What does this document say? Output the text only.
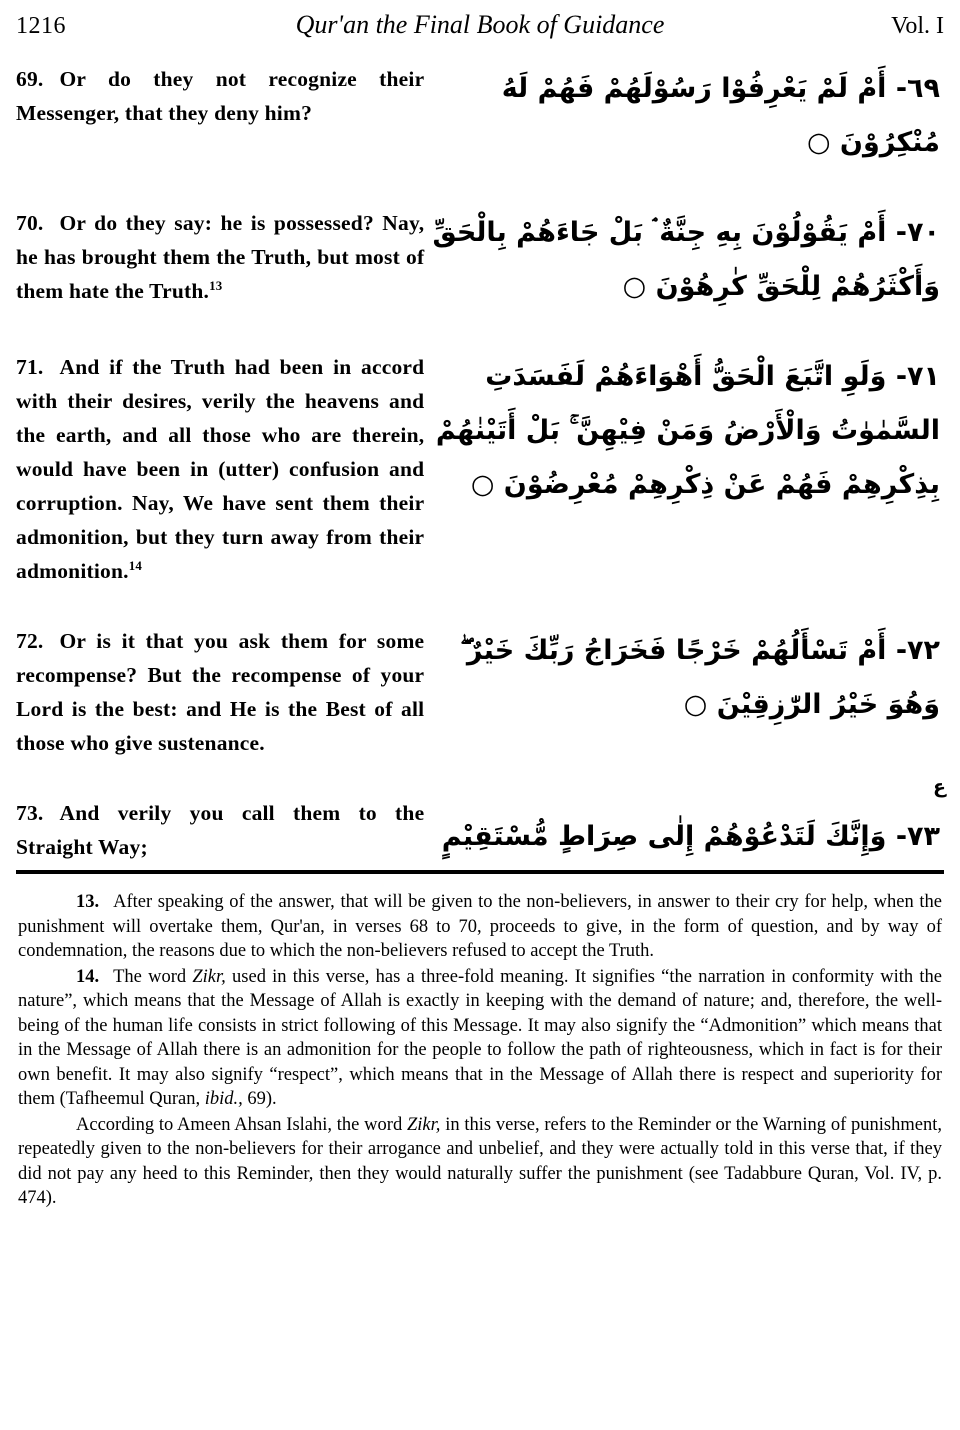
1216	Qur'an the Final Book of Guidance	Vol. I
69. Or do they not recognize their Messenger, that they deny him?
٦٩- أَمْ لَمْ يَعْرِفُوْا رَسُوْلَهُمْ فَهُمْ لَهُ مُنْكِرُوْنَ ○
70. Or do they say: he is possessed? Nay, he has brought them the Truth, but most of them hate the Truth.$^{13}$
٧٠- أَمْ يَقُوْلُوْنَ بِهِ جِنَّةٌ ۘ بَلْ جَاءَهُمْ بِالْحَقِّ وَأَكْثَرُهُمْ لِلْحَقِّ كٰرِهُوْنَ ○
71. And if the Truth had been in accord with their desires, verily the heavens and the earth, and all those who are therein, would have been in (utter) confusion and corruption. Nay, We have sent them their admonition, but they turn away from their admonition.$^{14}$
٧١- وَلَوِ اتَّبَعَ الْحَقُّ أَهْوَاءَهُمْ لَفَسَدَتِ السَّمٰوٰتُ وَالْأَرْضُ وَمَنْ فِيْهِنَّ ۚ بَلْ أَتَيْنٰهُمْ بِذِكْرِهِمْ فَهُمْ عَنْ ذِكْرِهِمْ مُعْرِضُوْنَ ○
72. Or is it that you ask them for some recompense? But the recompense of your Lord is the best: and He is the Best of all those who give sustenance.
٧٢- أَمْ تَسْأَلُهُمْ خَرْجًا فَخَرَاجُ رَبِّكَ خَيْرٌ ۖ وَهُوَ خَيْرُ الرّٰزِقِيْنَ ○
73. And verily you call them to the Straight Way;	٧٣- وَإِنَّكَ لَتَدْعُوْهُمْ إِلٰى صِرَاطٍ مُّسْتَقِيْمٍ
ع

13. After speaking of the answer, that will be given to the non-believers, in answer to their cry for help, when the punishment will overtake them, Qur'an, in verses 68 to 70, proceeds to give, in the form of question, and by way of condemnation, the reasons due to which the non-believers refused to accept the Truth.

14. The word Zikr, used in this verse, has a three-fold meaning. It signifies “the narration in conformity with the nature”, which means that the Message of Allah is exactly in keeping with the demand of nature; and, therefore, the well-being of the human life consists in strict following of this Message. It may also signify the “Admonition” which means that in the Message of Allah there is an admonition for the people to follow the path of righteousness, which in fact is for their own benefit. It may also signify “respect”, which means that in the Message of Allah there is respect and superiority for them (Tafheemul Quran, ibid., 69).

According to Ameen Ahsan Islahi, the word Zikr, in this verse, refers to the Reminder or the Warning of punishment, repeatedly given to the non-believers for their arrogance and unbelief, and they were actually told in this verse that, if they did not pay any heed to this Reminder, then they would naturally suffer the punishment (see Tadabbure Quran, Vol. IV, p. 474).
